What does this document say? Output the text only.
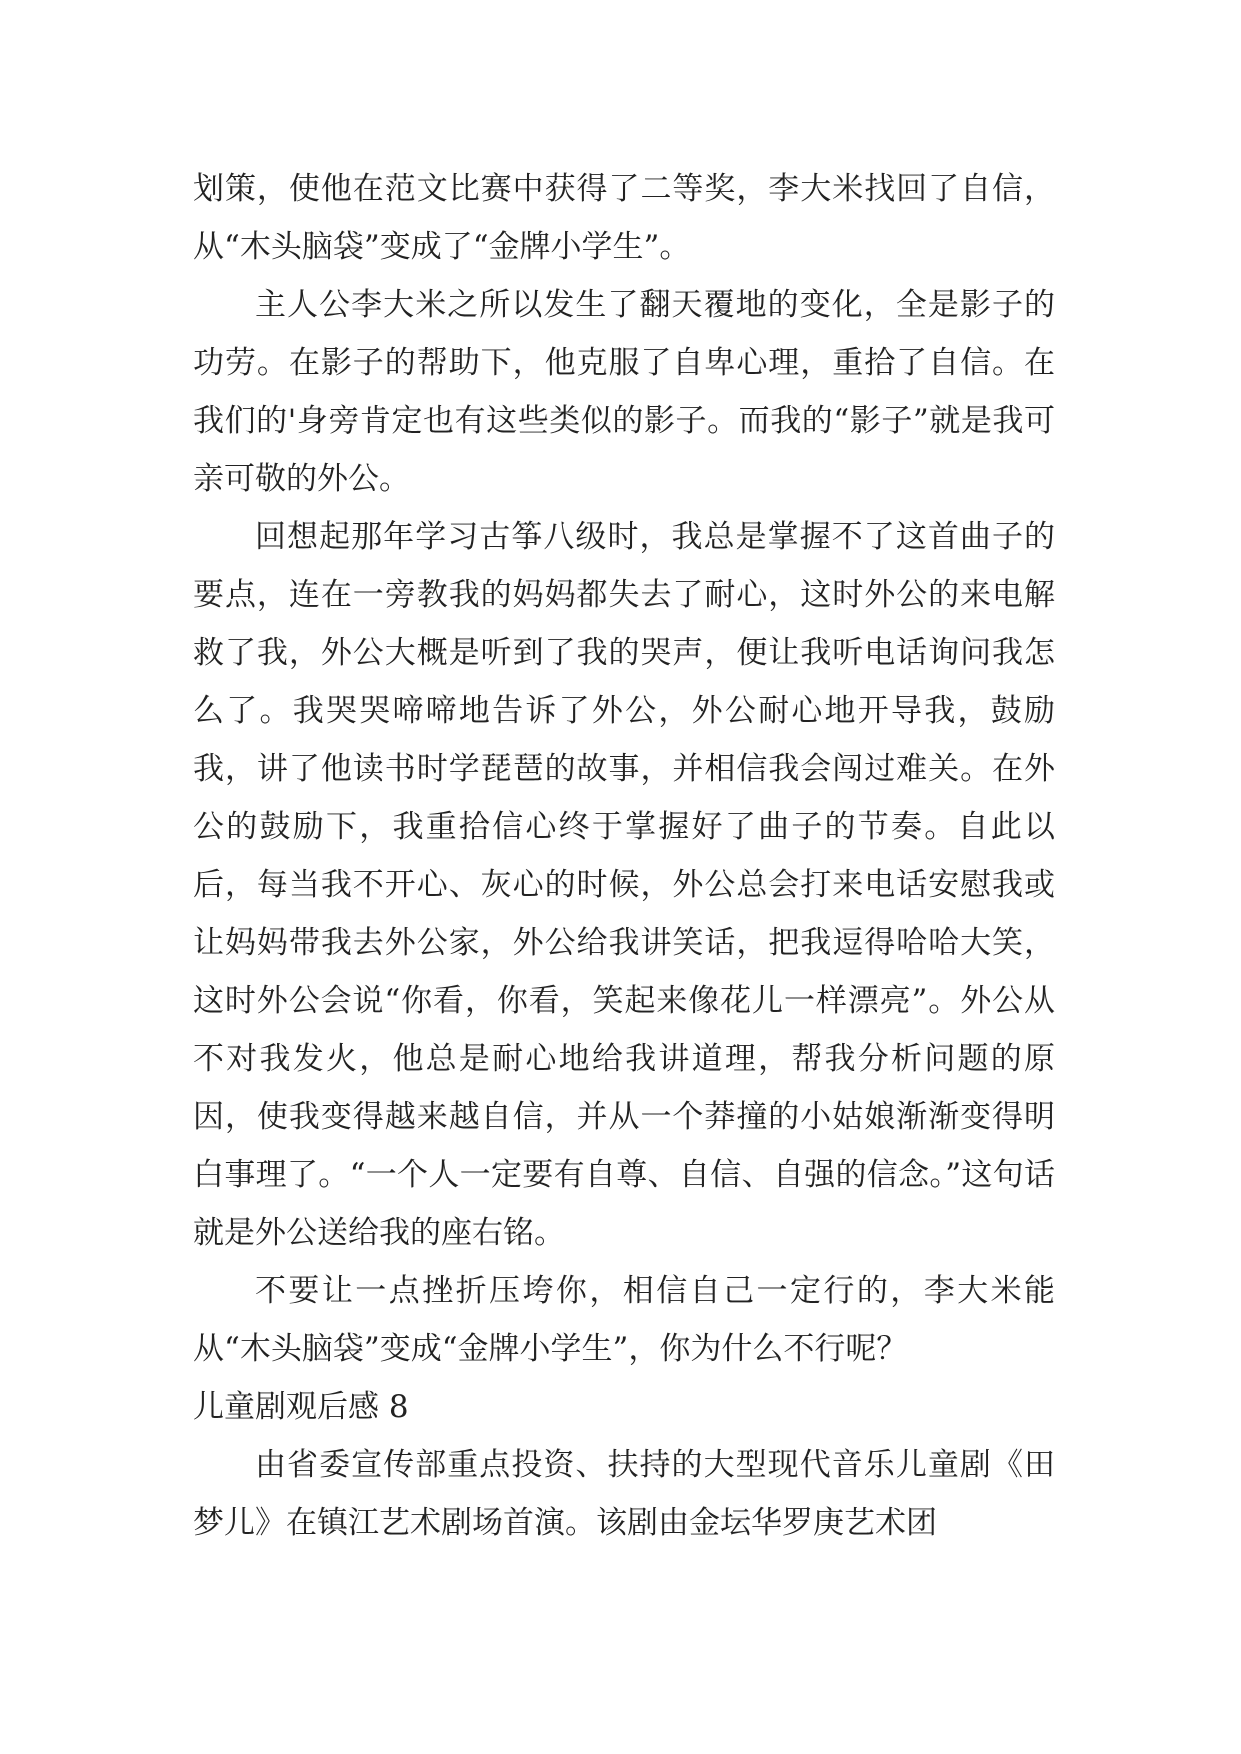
划策，使他在范文比赛中获得了二等奖，李大米找回了自信，从“木头脑袋”变成了“金牌小学生”。

主人公李大米之所以发生了翻天覆地的变化，全是影子的功劳。在影子的帮助下，他克服了自卑心理，重拾了自信。在我们的'身旁肯定也有这些类似的影子。而我的“影子”就是我可亲可敬的外公。

回想起那年学习古筝八级时，我总是掌握不了这首曲子的要点，连在一旁教我的妈妈都失去了耐心，这时外公的来电解救了我，外公大概是听到了我的哭声，便让我听电话询问我怎么了。我哭哭啼啼地告诉了外公，外公耐心地开导我，鼓励我，讲了他读书时学琵琶的故事，并相信我会闯过难关。在外公的鼓励下，我重拾信心终于掌握好了曲子的节奏。自此以后，每当我不开心、灰心的时候，外公总会打来电话安慰我或让妈妈带我去外公家，外公给我讲笑话，把我逗得哈哈大笑，这时外公会说“你看，你看，笑起来像花儿一样漂亮”。外公从不对我发火，他总是耐心地给我讲道理，帮我分析问题的原因，使我变得越来越自信，并从一个莽撞的小姑娘渐渐变得明白事理了。“一个人一定要有自尊、自信、自强的信念。”这句话就是外公送给我的座右铭。

不要让一点挫折压垮你，相信自己一定行的，李大米能从“木头脑袋”变成“金牌小学生”，你为什么不行呢？

儿童剧观后感 8

由省委宣传部重点投资、扶持的大型现代音乐儿童剧《田梦儿》在镇江艺术剧场首演。该剧由金坛华罗庚艺术团
